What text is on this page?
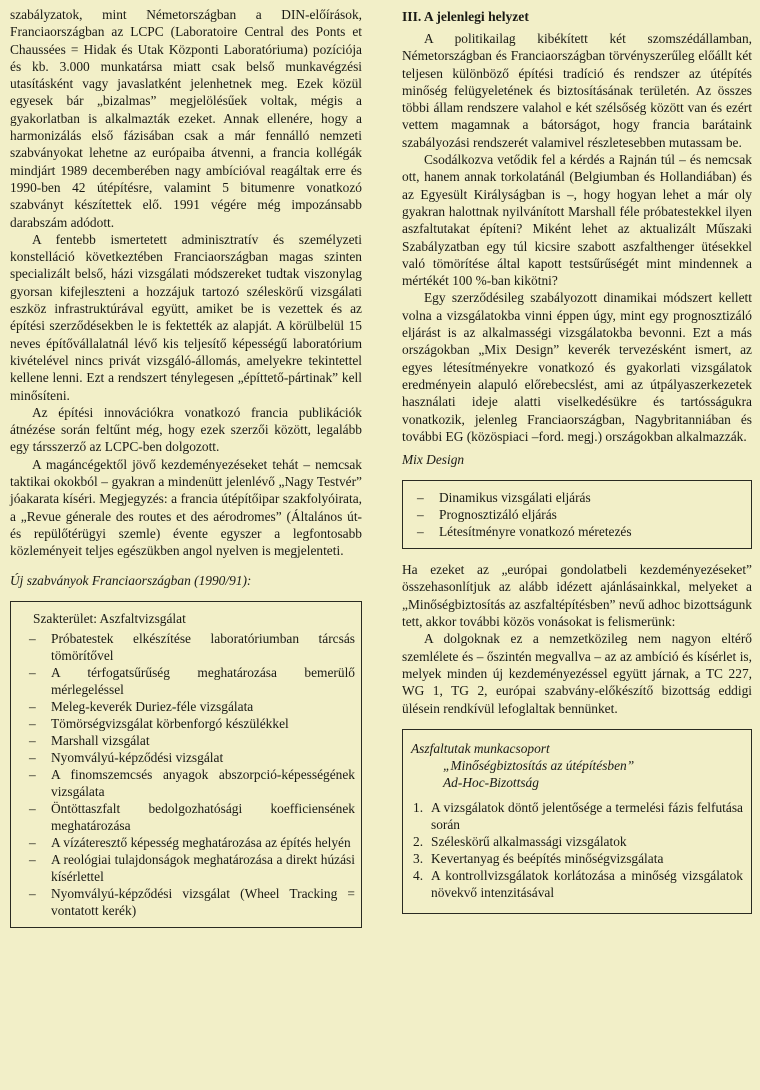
szabályzatok, mint Németországban a DIN-előírások, Franciaországban az LCPC (Laboratoire Central des Ponts et Chaussées = Hidak és Utak Központi Laboratóriuma) pozíciója és kb. 3.000 munkatársa miatt csak belső munkavégzési utasításként vagy javaslatként jelenhetnek meg. Ezek közül egyesek bár „bizalmas” megjelölésűek voltak, mégis a gyakorlatban is alkalmazták ezeket. Annak ellenére, hogy a harmonizálás első fázisában csak a már fennálló nemzeti szabványokat lehetne az európaiba átvenni, a francia kollégák mindjárt 1989 decemberében nagy ambícióval reagáltak erre és 1990-ben 42 útépítésre, valamint 5 bitumenre vonatkozó szabványt készítettek elő. 1991 végére még impozánsabb darabszám adódott.

A fentebb ismertetett adminisztratív és személyzeti konstelláció következtében Franciaországban magas szinten specializált belső, házi vizsgálati módszereket tudtak viszonylag gyorsan kifejleszteni a hozzájuk tartozó széleskörű vizsgálati eszköz infrastruktúrával együtt, amiket be is vezettek és az építési szerződésekben le is fektették az alapját. A körülbelül 15 neves építővállalatnál lévő kis teljesítő képességű laboratórium kivételével nincs privát vizsgáló-állomás, amelyekre tekintettel kellene lenni. Ezt a rendszert ténylegesen „építtető-pártinak” kell minősíteni.

Az építési innovációkra vonatkozó francia publikációk átnézése során feltűnt még, hogy ezek szerzői között, legalább egy társszerző az LCPC-ben dolgozott.

A magáncégektől jövő kezdeményezéseket tehát – nemcsak taktikai okokból – gyakran a mindenütt jelenlévő „Nagy Testvér” jóakarata kíséri. Megjegyzés: a francia útépítőipar szakfolyóirata, a „Revue génerale des routes et des aérodromes” (Általános út- és repülőtérügyi szemle) évente egyszer a legfontosabb közleményeit teljes egészükben angol nyelven is megjelenteti.

Új szabványok Franciaországban (1990/91):
Szakterület: Aszfaltvizsgálat
– Próbatestek elkészítése laboratóriumban tárcsás tömörítővel
– A térfogatsűrűség meghatározása bemerülő mérlegeléssel
– Meleg-keverék Duriez-féle vizsgálata
– Tömörségvizsgálat körbenforgó készülékkel
– Marshall vizsgálat
– Nyomvályú-képződési vizsgálat
– A finomszemcsés anyagok abszorpció-képességének vizsgálata
– Öntöttaszfalt bedolgozhatósági koefficiensének meghatározása
– A vízáteresztő képesség meghatározása az építés helyén
– A reológiai tulajdonságok meghatározása a direkt húzási kísérlettel
– Nyomvályú-képződési vizsgálat (Wheel Tracking = vontatott kerék)
III. A jelenlegi helyzet

A politikailag kibékített két szomszédállamban, Németországban és Franciaországban törvényszerűleg előállt két teljesen különböző építési tradíció és rendszer az útépítés minőség felügyeletének és biztosításának területén. Az összes többi állam rendszere valahol e két szélsőség között van és ezért vettem magamnak a bátorságot, hogy francia barátaink szabályozási rendszerét valamivel részletesebben mutassam be.

Csodálkozva vetődik fel a kérdés a Rajnán túl – és nemcsak ott, hanem annak torkolatánál (Belgiumban és Hollandiában) és az Egyesült Királyságban is –, hogy hogyan lehet a már oly gyakran halottnak nyilvánított Marshall féle próbatestekkel ilyen aszfaltutakat építeni? Miként lehet az aktualizált Műszaki Szabályzatban egy túl kicsire szabott aszfalthenger ütésekkel való tömörítése által kapott testsűrűségét mint mindennek a mértékét 100 %-ban kikötni?

Egy szerződésileg szabályozott dinamikai módszert kellett volna a vizsgálatokba vinni éppen úgy, mint egy prognosztizáló eljárást is az alkalmasségi vizsgálatokba bevonni. Ezt a más országokban „Mix Design” keverék tervezésként ismert, az egyes létesítményekre vonatkozó és gyakorlati vizsgálatok eredményein alapuló előrebecslést, ami az útpályaszerkezetek használati ideje alatti viselkedésükre és tartósságukra vonatkozik, jelenleg Franciaországban, Nagybritanniában és további EG (közöspiaci –ford. megj.) országokban alkalmazzák.

Mix Design
– Dinamikus vizsgálati eljárás
– Prognosztizáló eljárás
– Létesítményre vonatkozó méretezés

Ha ezeket az „európai gondolatbeli kezdeményezéseket” összehasonlítjuk az alább idézett ajánlásainkkal, melyeket a „Minőségbiztosítás az aszfaltépítésben” nevű adhoc bizottságunk tett, akkor további közös vonásokat is felismerünk:

A dolgoknak ez a nemzetközileg nem nagyon eltérő szemlélete és – őszintén megvallva – az az ambíció és kísérlet is, melyek minden új kezdeményezéssel együtt járnak, a TC 227, WG 1, TG 2, európai szabvány-előkészítő bizottság eddigi ülésein rendkívül lefoglaltak bennünket.

Aszfaltutak munkacsoport
„Minőségbiztosítás az útépítésben”
Ad-Hoc-Bizottság
1. A vizsgálatok döntő jelentősége a termelési fázis felfutása során
2. Széleskörű alkalmassági vizsgálatok
3. Kevertanyag és beépítés minőségvizsgálata
4. A kontrollvizsgálatok korlátozása a minőség vizsgálatok növekvő intenzitásával
